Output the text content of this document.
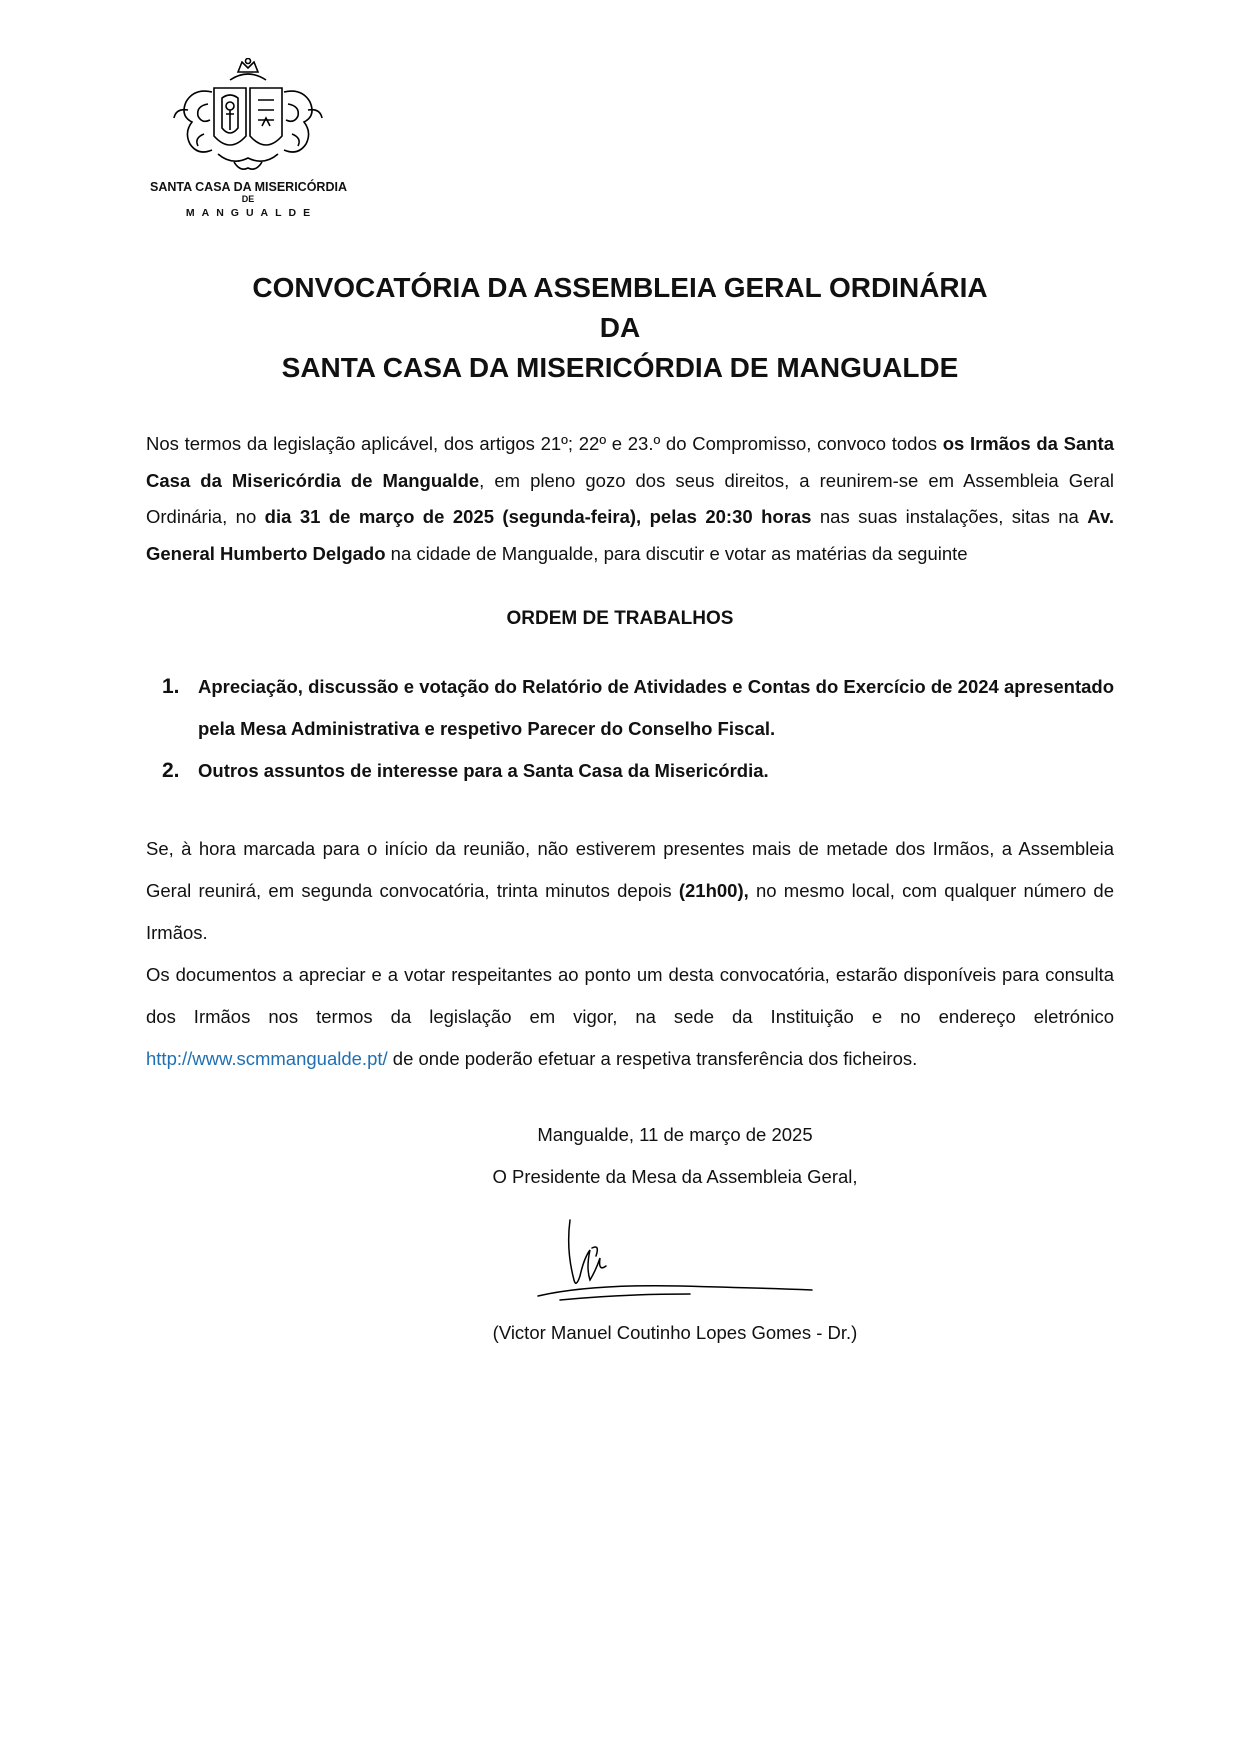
SANTA CASA DA MISERICÓRDIA
DE
MANGUALDE
CONVOCATÓRIA DA ASSEMBLEIA GERAL ORDINÁRIA
DA
SANTA CASA DA MISERICÓRDIA DE MANGUALDE
Nos termos da legislação aplicável, dos artigos 21º; 22º e 23.º do Compromisso, convoco todos os Irmãos da Santa Casa da Misericórdia de Mangualde, em pleno gozo dos seus direitos, a reunirem-se em Assembleia Geral Ordinária, no dia 31 de março de 2025 (segunda-feira), pelas 20:30 horas nas suas instalações, sitas na Av. General Humberto Delgado na cidade de Mangualde, para discutir e votar as matérias da seguinte
ORDEM DE TRABALHOS
1. Apreciação, discussão e votação do Relatório de Atividades e Contas do Exercício de 2024 apresentado pela Mesa Administrativa e respetivo Parecer do Conselho Fiscal.
2. Outros assuntos de interesse para a Santa Casa da Misericórdia.
Se, à hora marcada para o início da reunião, não estiverem presentes mais de metade dos Irmãos, a Assembleia Geral reunirá, em segunda convocatória, trinta minutos depois (21h00), no mesmo local, com qualquer número de Irmãos.
Os documentos a apreciar e a votar respeitantes ao ponto um desta convocatória, estarão disponíveis para consulta dos Irmãos nos termos da legislação em vigor, na sede da Instituição e no endereço eletrónico http://www.scmmangualde.pt/ de onde poderão efetuar a respetiva transferência dos ficheiros.
Mangualde, 11 de março de 2025
O Presidente da Mesa da Assembleia Geral,
(Victor Manuel Coutinho Lopes Gomes - Dr.)
